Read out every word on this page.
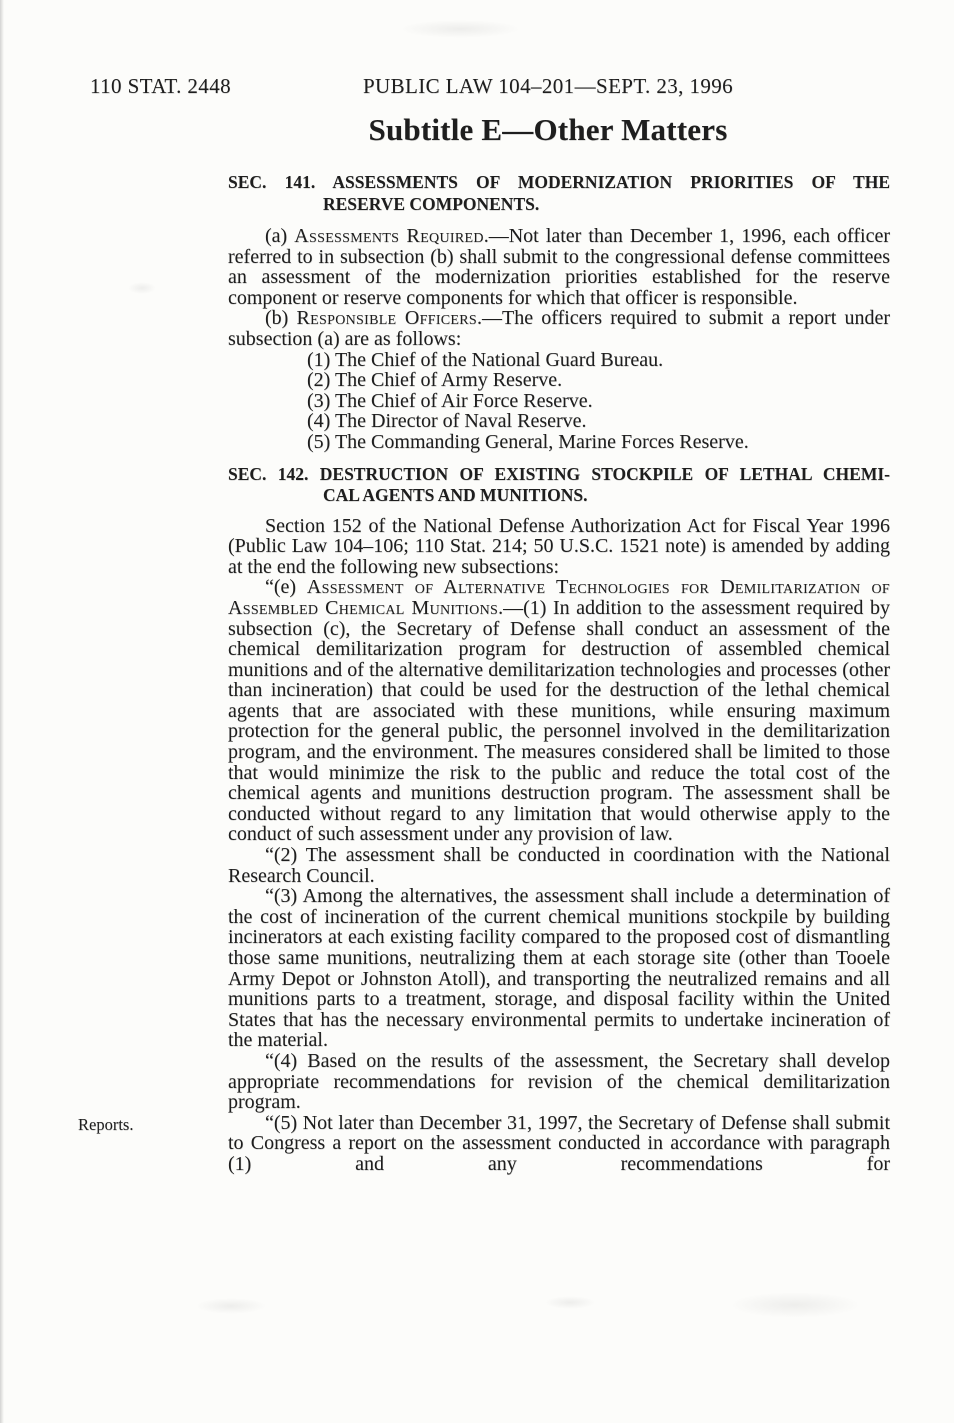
110 STAT. 2448	PUBLIC LAW 104–201—SEPT. 23, 1996
Subtitle E—Other Matters
SEC. 141. ASSESSMENTS OF MODERNIZATION PRIORITIES OF THE
RESERVE COMPONENTS.

(a) Assessments Required.—Not later than December 1, 1996, each officer referred to in subsection (b) shall submit to the congressional defense committees an assessment of the modernization priorities established for the reserve component or reserve components for which that officer is responsible.

(b) Responsible Officers.—The officers required to submit a report under subsection (a) are as follows:

(1) The Chief of the National Guard Bureau.
(2) The Chief of Army Reserve.
(3) The Chief of Air Force Reserve.
(4) The Director of Naval Reserve.
(5) The Commanding General, Marine Forces Reserve.
SEC. 142. DESTRUCTION OF EXISTING STOCKPILE OF LETHAL CHEMI-
CAL AGENTS AND MUNITIONS.

Section 152 of the National Defense Authorization Act for Fiscal Year 1996 (Public Law 104–106; 110 Stat. 214; 50 U.S.C. 1521 note) is amended by adding at the end the following new subsections:

“(e) Assessment of Alternative Technologies for Demilitarization of Assembled Chemical Munitions.—(1) In addition to the assessment required by subsection (c), the Secretary of Defense shall conduct an assessment of the chemical demilitarization program for destruction of assembled chemical munitions and of the alternative demilitarization technologies and processes (other than incineration) that could be used for the destruction of the lethal chemical agents that are associated with these munitions, while ensuring maximum protection for the general public, the personnel involved in the demilitarization program, and the environment. The measures considered shall be limited to those that would minimize the risk to the public and reduce the total cost of the chemical agents and munitions destruction program. The assessment shall be conducted without regard to any limitation that would otherwise apply to the conduct of such assessment under any provision of law.

“(2) The assessment shall be conducted in coordination with the National Research Council.

“(3) Among the alternatives, the assessment shall include a determination of the cost of incineration of the current chemical munitions stockpile by building incinerators at each existing facility compared to the proposed cost of dismantling those same munitions, neutralizing them at each storage site (other than Tooele Army Depot or Johnston Atoll), and transporting the neutralized remains and all munitions parts to a treatment, storage, and disposal facility within the United States that has the necessary environmental permits to undertake incineration of the material.

“(4) Based on the results of the assessment, the Secretary shall develop appropriate recommendations for revision of the chemical demilitarization program.

Reports.	“(5) Not later than December 31, 1997, the Secretary of Defense shall submit to Congress a report on the assessment conducted in accordance with paragraph (1) and any recommendations for
